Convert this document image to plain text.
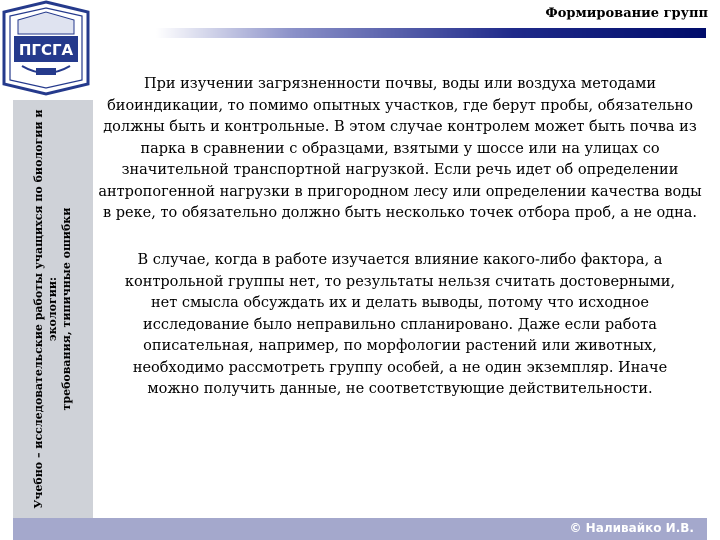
ПГСГА
Формирование групп
Учебно – исследовательские работы учащихся по биологии и экологии: требования, типичные ошибки
При изучении загрязненности почвы, воды или воздуха методами биоиндикации, то помимо опытных участков, где берут пробы, обязательно должны быть и контрольные. В этом случае контролем может быть почва из парка в сравнении с образцами, взятыми у шоссе или на улицах со значительной транспортной нагрузкой. Если речь идет об определении антропогенной нагрузки в пригородном лесу или определении качества воды в реке, то обязательно должно быть несколько точек отбора проб, а не одна.
В случае, когда в работе изучается влияние какого-либо фактора, а контрольной группы нет, то результаты нельзя считать достоверными, нет смысла обсуждать их и делать выводы, потому что исходное исследование было неправильно спланировано. Даже если работа описательная, например, по морфологии растений или животных, необходимо рассмотреть группу особей, а не один экземпляр. Иначе можно получить данные, не соответствующие действительности.
© Наливайко И.В.
